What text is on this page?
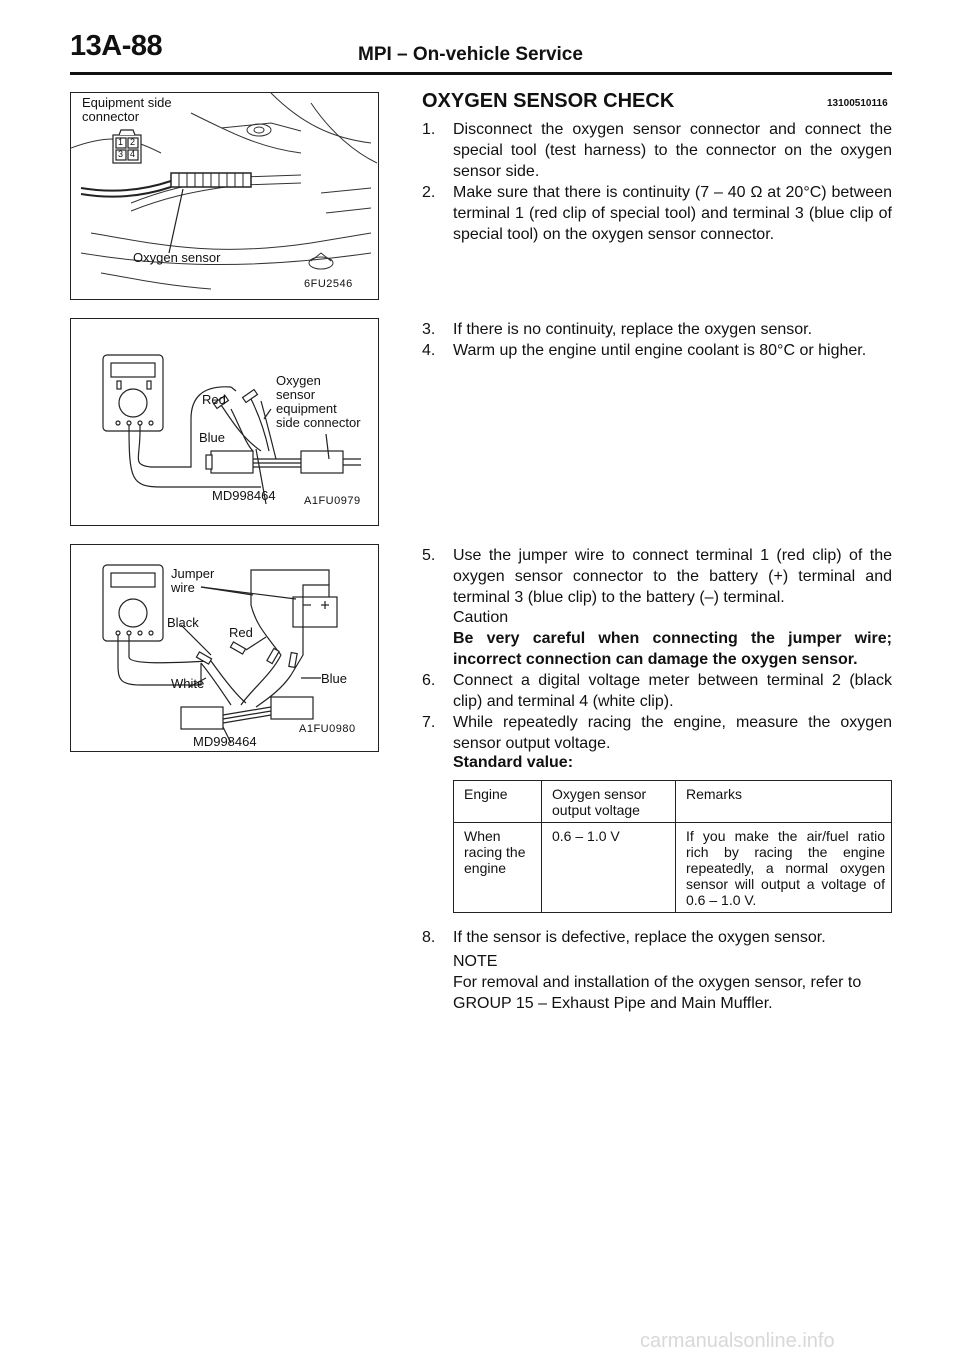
13A-88	MPI – On-vehicle Service
Equipment side
connector
1 2
3 4
Oxygen sensor
6FU2546
Red
Blue
Oxygen
sensor
equipment
side connector
MD998464	A1FU0979
Jumper
wire
Black
Red
White	Blue
MD998464
A1FU0980
OXYGEN SENSOR CHECK	13100510116
1. Disconnect the oxygen sensor connector and connect the special tool (test harness) to the connector on the oxygen sensor side.
2. Make sure that there is continuity (7 – 40 Ω at 20°C) between terminal 1 (red clip of special tool) and terminal 3 (blue clip of special tool) on the oxygen sensor connector.
3. If there is no continuity, replace the oxygen sensor.
4. Warm up the engine until engine coolant is 80°C or higher.
5. Use the jumper wire to connect terminal 1 (red clip) of the oxygen sensor connector to the battery (+) terminal and terminal 3 (blue clip) to the battery (–) terminal.
Caution
Be very careful when connecting the jumper wire; incorrect connection can damage the oxygen sensor.
6. Connect a digital voltage meter between terminal 2 (black clip) and terminal 4 (white clip).
7. While repeatedly racing the engine, measure the oxygen sensor output voltage.
Standard value:
Engine	Oxygen sensor output voltage	Remarks
When racing the engine	0.6 – 1.0 V	If you make the air/fuel ratio rich by racing the engine repeatedly, a normal oxygen sensor will output a voltage of 0.6 – 1.0 V.
8. If the sensor is defective, replace the oxygen sensor.
NOTE
For removal and installation of the oxygen sensor, refer to GROUP 15 – Exhaust Pipe and Main Muffler.
carmanualsonline.info
